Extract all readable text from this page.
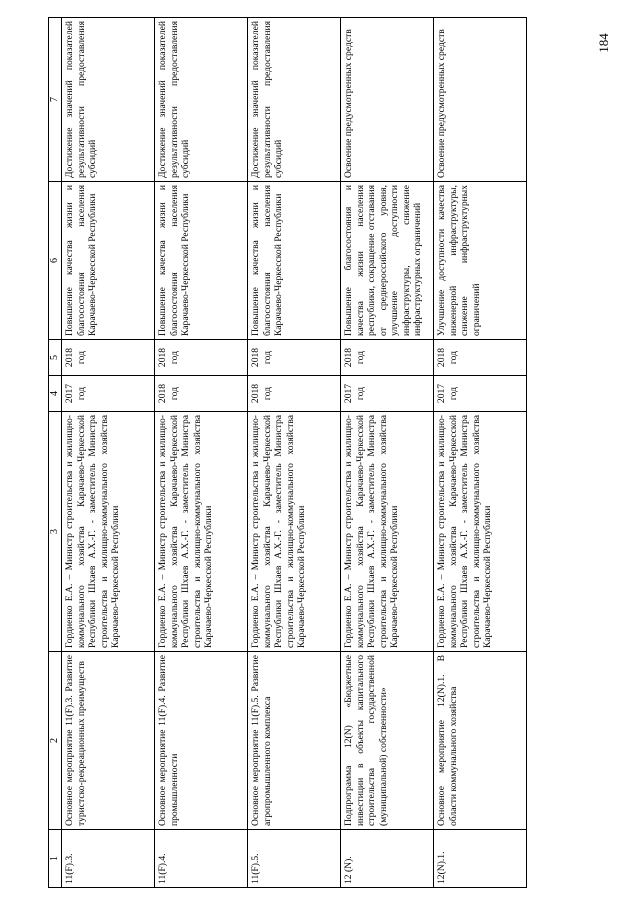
184
1	2	3	4	5	6	7
11(F).3.	Основное мероприятие 11(F).3. Развитие туристско-рекреационных преимуществ	Гордиенко Е.А. – Министр строительства и жилищно-коммунального хозяйства Карачаево-Черкесской Республики Шхаев А.Х.-Г. - заместитель Министра строительства и жилищно-коммунального хозяйства Карачаево-Черкесской Республики	2017 год	2018 год	Повышение качества жизни и благосостояния населения Карачаево-Черкесской Республики	Достижение значений показателей результативности предоставления субсидий
11(F).4.	Основное мероприятие 11(F).4. Развитие промышленности	Гордиенко Е.А. – Министр строительства и жилищно-коммунального хозяйства Карачаево-Черкесской Республики Шхаев А.Х.-Г. - заместитель Министра строительства и жилищно-коммунального хозяйства Карачаево-Черкесской Республики	2018 год	2018 год	Повышение качества жизни и благосостояния населения Карачаево-Черкесской Республики	Достижение значений показателей результативности предоставления субсидий
11(F).5.	Основное мероприятие 11(F).5. Развитие агропромышленного комплекса	Гордиенко Е.А. – Министр строительства и жилищно-коммунального хозяйства Карачаево-Черкесской Республики Шхаев А.Х.-Г. - заместитель Министра строительства и жилищно-коммунального хозяйства Карачаево-Черкесской Республики	2018 год	2018 год	Повышение качества жизни и благосостояния населения Карачаево-Черкесской Республики	Достижение значений показателей результативности предоставления субсидий
12 (N).	Подпрограмма 12(N) «Бюджетные инвестиции в объекты капитального строительства государственной (муниципальной) собственности»	Гордиенко Е.А. – Министр строительства и жилищно-коммунального хозяйства Карачаево-Черкесской Республики Шхаев А.Х.-Г. - заместитель Министра строительства и жилищно-коммунального хозяйства Карачаево-Черкесской Республики	2017 год	2018 год	Повышение благосостояния и качества жизни населения республики, сокращение отставания от среднероссийского уровня, улучшение доступности инфраструктуры, снижение инфраструктурных ограничений	Освоение предусмотренных средств
12(N).1.	Основное мероприятие 12(N).1. В области коммунального хозяйства	Гордиенко Е.А. – Министр строительства и жилищно-коммунального хозяйства Карачаево-Черкесской Республики Шхаев А.Х.-Г. - заместитель Министра строительства и жилищно-коммунального хозяйства Карачаево-Черкесской Республики	2017 год	2018 год	Улучшение доступности качества инженерной инфраструктуры, снижение инфраструктурных ограничений	Освоение предусмотренных средств
